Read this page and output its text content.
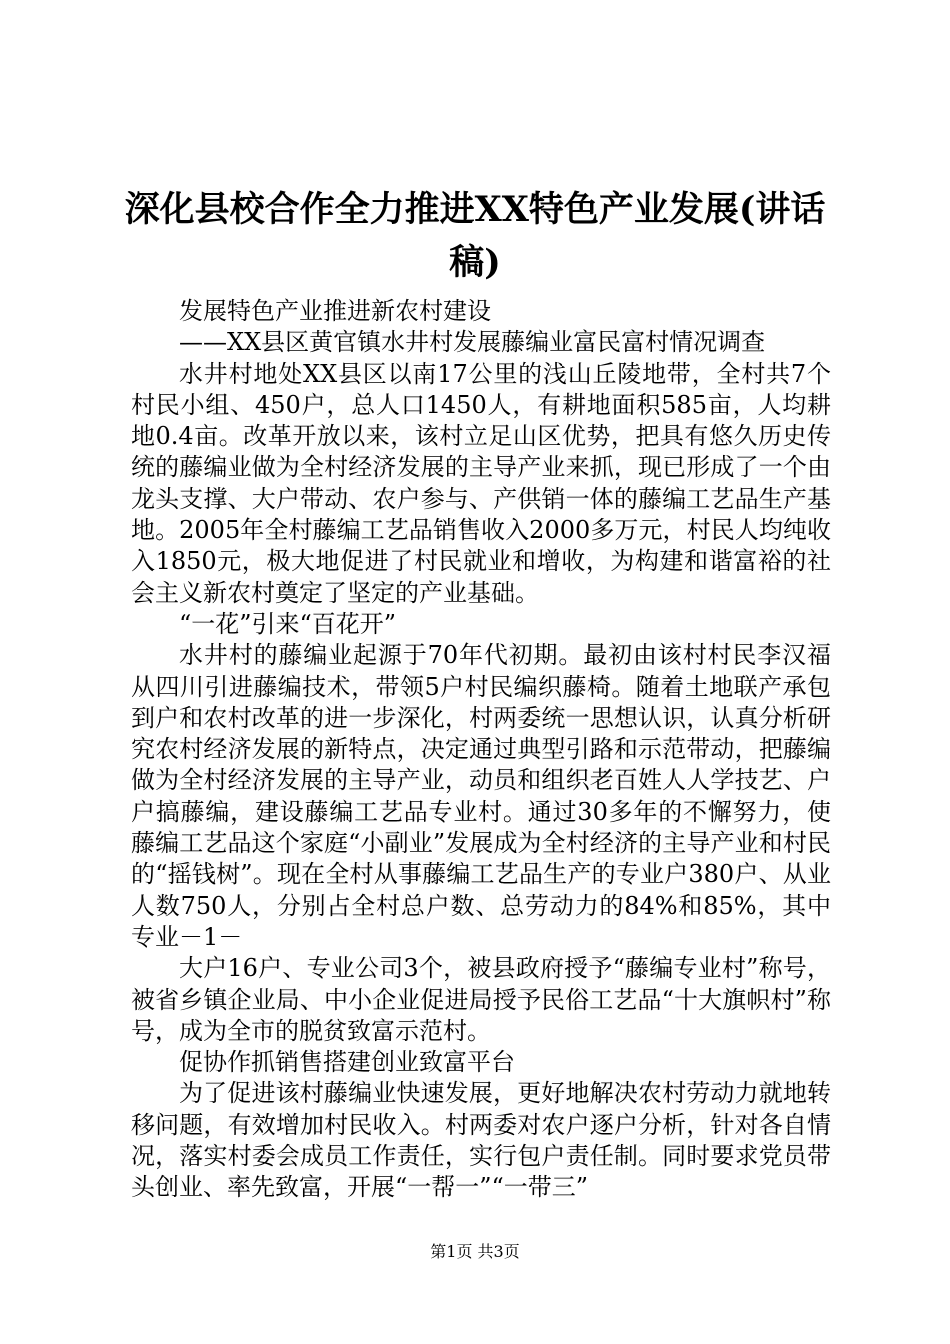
深化县校合作全力推进XX特色产业发展(讲话
稿)

发展特色产业推进新农村建设

——XX县区黄官镇水井村发展藤编业富民富村情况调查

水井村地处XX县区以南17公里的浅山丘陵地带，全村共7个村民小组、450户，总人口1450人，有耕地面积585亩，人均耕地0.4亩。改革开放以来，该村立足山区优势，把具有悠久历史传统的藤编业做为全村经济发展的主导产业来抓，现已形成了一个由龙头支撑、大户带动、农户参与、产供销一体的藤编工艺品生产基地。2005年全村藤编工艺品销售收入2000多万元，村民人均纯收入1850元，极大地促进了村民就业和增收，为构建和谐富裕的社会主义新农村奠定了坚定的产业基础。

“一花”引来“百花开”

水井村的藤编业起源于70年代初期。最初由该村村民李汉福从四川引进藤编技术，带领5户村民编织藤椅。随着土地联产承包到户和农村改革的进一步深化，村两委统一思想认识，认真分析研究农村经济发展的新特点，决定通过典型引路和示范带动，把藤编做为全村经济发展的主导产业，动员和组织老百姓人人学技艺、户户搞藤编，建设藤编工艺品专业村。通过30多年的不懈努力，使藤编工艺品这个家庭“小副业”发展成为全村经济的主导产业和村民的“摇钱树”。现在全村从事藤编工艺品生产的专业户380户、从业人数750人，分别占全村总户数、总劳动力的84%和85%，其中专业－1－

大户16户、专业公司3个，被县政府授予“藤编专业村”称号，被省乡镇企业局、中小企业促进局授予民俗工艺品“十大旗帜村”称号，成为全市的脱贫致富示范村。

促协作抓销售搭建创业致富平台

为了促进该村藤编业快速发展，更好地解决农村劳动力就地转移问题，有效增加村民收入。村两委对农户逐户分析，针对各自情况，落实村委会成员工作责任，实行包户责任制。同时要求党员带头创业、率先致富，开展“一帮一”“一带三”

第1页 共3页
